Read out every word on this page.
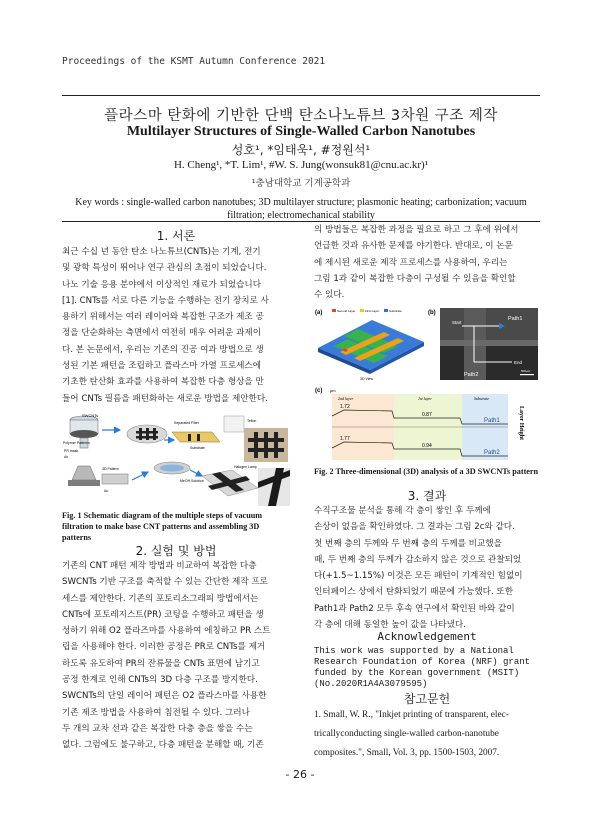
Proceedings of the KSMT Autumn Conference 2021
플라스마 탄화에 기반한 단백 탄소나노튜브 3차원 구조 제작
Multilayer Structures of Single-Walled Carbon Nanotubes
성호¹, *임태욱¹, #정원석¹
H. Cheng¹, *T. Lim¹, #W. S. Jung(wonsuk81@cnu.ac.kr)¹
¹충남대학교 기계공학과
Key words : single-walled carbon nanotubes; 3D multilayer structure; plasmonic heating; carbonization; vacuum
filtration; electromechanical stability
1. 서론
최근 수십 년 동안 탄소 나노튜브(CNTs)는 기계, 전기
및 광학 특성이 뛰어나 연구 관심의 초점이 되었습니다.
나노 기술 응용 분야에서 이상적인 재료가 되었습니다
[1]. CNTs를 서로 다른 기능을 수행하는 전기 장치로 사
용하기 위해서는 여러 레이어와 복잡한 구조가 제조 공
정을 단순화하는 측면에서 여전히 매우 어려운 과제이
다. 본 논문에서, 우리는 기존의 진공 여과 방법으로 생
성된 기본 패턴을 조립하고 플라스마 가열 프로세스에
기초한 탄산화 효과를 사용하여 복잡한 다층 형상을 만
들어 CNTs 필름을 패턴화하는 새로운 방법을 제안한다.
SWCNTs
Polymer Patterns
PR mask
Air
Separated Filter
Substrate
Teflon
3D Pattern
Au
MeOH Solution
Halogen Lamp
Fig. 1 Schematic diagram of the multiple steps of vacuum filtration to make base CNT patterns and assembling 3D patterns
2. 실험 및 방법
기존의 CNT 패턴 제작 방법과 비교하여 복잡한 다층
SWCNTs 기반 구조를 축적할 수 있는 간단한 제작 프로
세스를 제안한다. 기존의 포토리소그래피 방법에서는
CNTs에 포토레지스트(PR) 코팅을 수행하고 패턴을 생
성하기 위해 O2 플라즈마를 사용하여 에칭하고 PR 스트
립을 사용해야 한다. 이러한 공정은 PR로 CNTs를 제거
하도록 유도하여 PR의 잔류물을 CNTs 표면에 남기고
공정 한계로 인해 CNTs의 3D 다층 구조를 방지한다.
SWCNTs의 단일 레이어 패턴은 O2 플라스마를 사용한
기존 제조 방법을 사용하여 침전될 수 있다. 그러나
두 개의 교차 선과 같은 복잡한 다층 층을 쌓을 수는
없다. 그럼에도 불구하고, 다층 패턴을 분해할 때, 기존
의 방법들은 복잡한 과정을 필요로 하고 그 후에 위에서
언급한 것과 유사한 문제를 야기한다. 반대로, 이 논문
에 제시된 새로운 제작 프로세스를 사용하여, 우리는
그림 1과 같이 복잡한 다층이 구성될 수 있음을 확인할
수 있다.
(a)	Second Layer	First Layer	Substrate
3D View
(b)
Start
Path1
End
Path2
500µm
(c) µm
2nd layer	1st layer	Substrate
1.72
0.87
Path1
1.77
0.94
Path2
Layer Height
Fig. 2 Three-dimensional (3D) analysis of a 3D SWCNTs pattern
3. 결과
수직구조물 분석을 통해 각 층이 쌓인 후 두께에
손상이 없음을 확인하였다. 그 결과는 그림 2c와 같다.
첫 번째 층의 두께와 두 번째 층의 두께를 비교했을
때, 두 번째 층의 두께가 감소하지 않은 것으로 관찰되었
다(+1.5~1.15%) 이것은 모든 패턴이 기계적인 힘없이
인터페이스 상에서 탄화되었기 때문에 가능했다. 또한
Path1과 Path2 모두 후속 연구에서 확인된 바와 같이
각 층에 대해 동일한 높이 값을 나타냈다.
Acknowledgement
This work was supported by a National
Research Foundation of Korea (NRF) grant
funded by the Korean government (MSIT)
(No.2020R1A4A3079595)
참고문헌
1. Small, W. R., "Inkjet printing of transparent, elec-
tricallyconducting single-walled carbon-nanotube
composites.", Small, Vol. 3, pp. 1500-1503, 2007.
- 26 -
